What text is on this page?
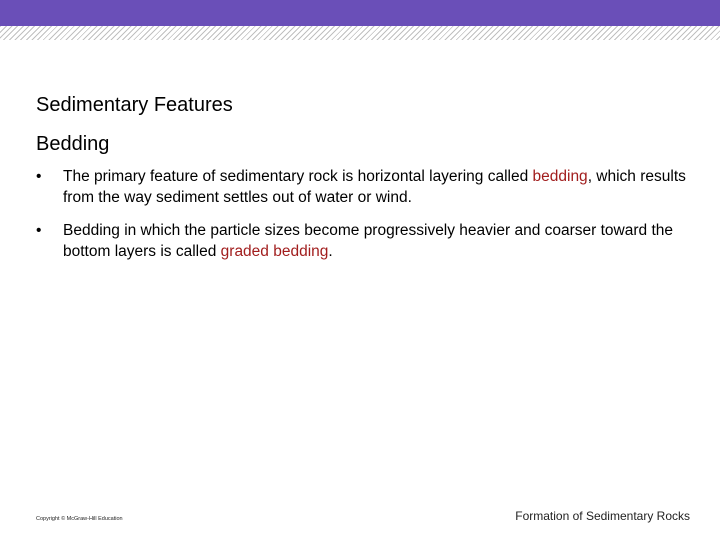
Sedimentary Features
Bedding
•	The primary feature of sedimentary rock is horizontal layering called bedding, which results from the way sediment settles out of water or wind.
•	Bedding in which the particle sizes become progressively heavier and coarser toward the bottom layers is called graded bedding.
Copyright © McGraw-Hill Education	Formation of Sedimentary Rocks
